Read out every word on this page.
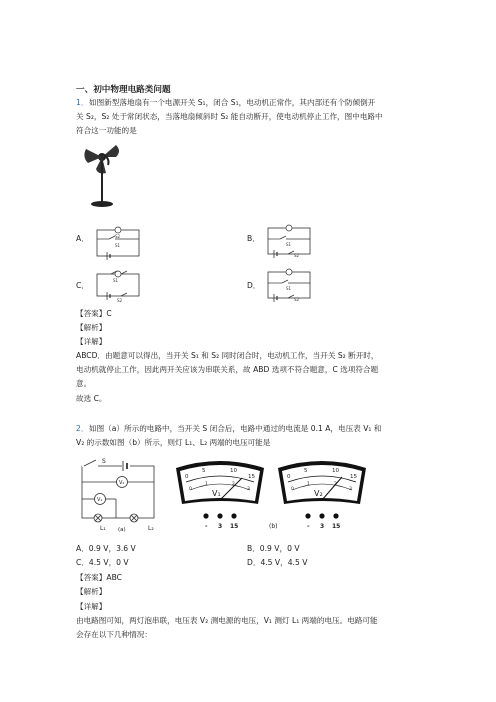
一、初中物理电路类问题
1． 如图新型落地扇有一个电源开关 S₁，闭合 S₁，电动机正常作，其内部还有个防倾倒开
关 S₂，S₂ 处于常闭状态，当落地扇倾斜时 S₂ 能自动断开，使电动机停止工作，图中电路中
符合这一功能的是
A．	S2
S1
B．
S1
S2
C．
S1
S2
D．	S1
S2
【答案】C
【解析】
【详解】
ABCD．由题意可以得出，当开关 S₁ 和 S₂ 同时闭合时，电动机工作，当开关 S₂ 断开时，
电动机就停止工作，因此两开关应该为串联关系，故 ABD 选项不符合题意，C 选项符合题
意。
故选 C。
2． 如图（a）所示的电路中，当开关 S 闭合后，电路中通过的电流是 0.1 A，电压表 V₁ 和
V₂ 的示数如图（b）所示，则灯 L₁、L₂ 两端的电压可能是
S
V₂
V₁
L₁	L₂
(a)
0
5	10
15
0
1	2
3
V₁
- 3 15
0
5	10
15
0
1	2
3
V₂
- 3 15
(b)
A．0.9 V，3.6 V	B．0.9 V，0 V
C．4.5 V，0 V	D．4.5 V，4.5 V
【答案】ABC
【解析】
【详解】
由电路图可知，两灯泡串联，电压表 V₂ 测电源的电压，V₁ 测灯 L₁ 两端的电压。电路可能
会存在以下几种情况：
